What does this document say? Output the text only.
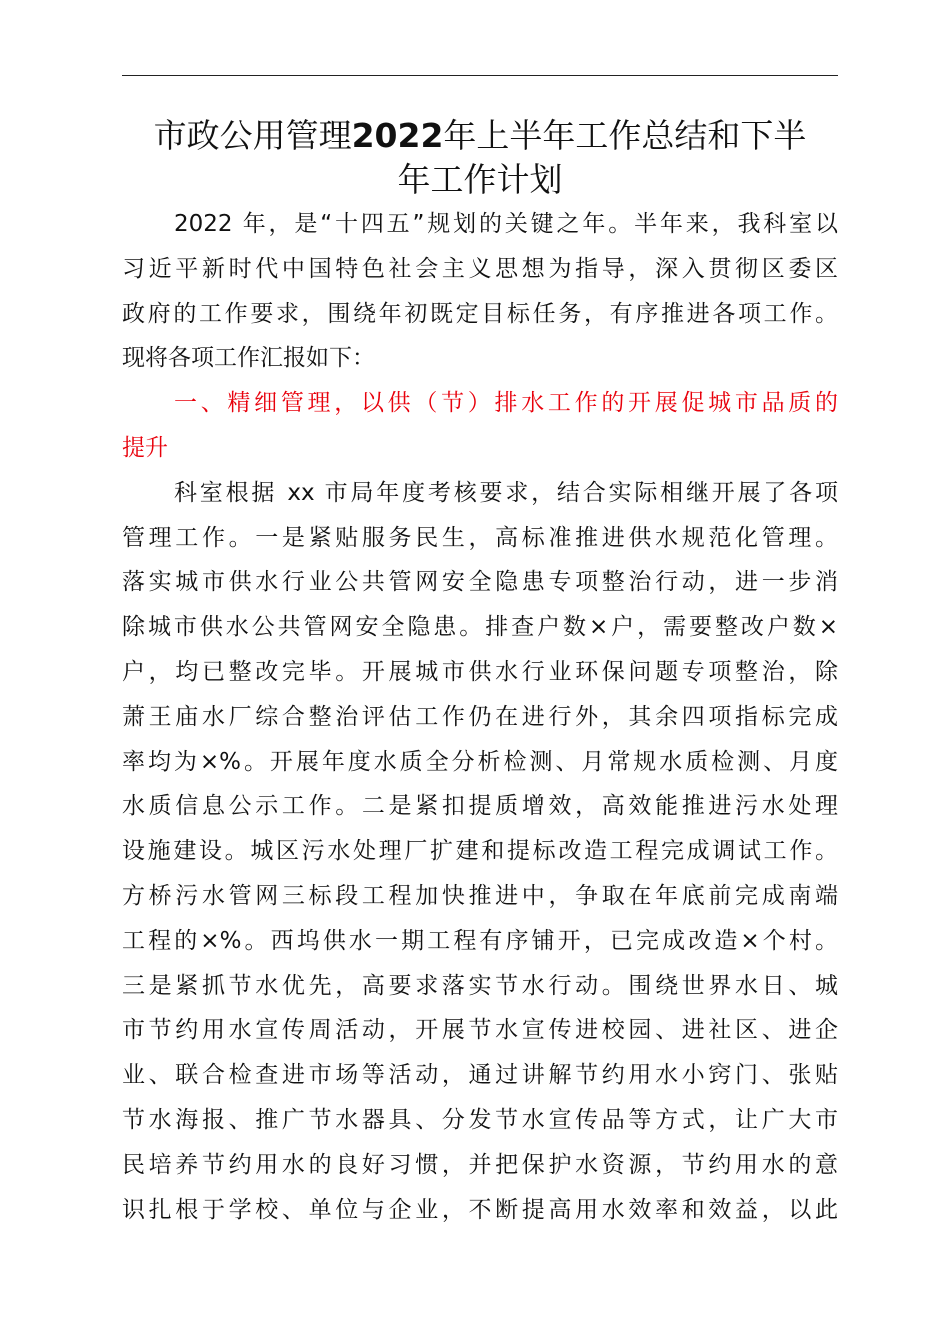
市政公用管理2022年上半年工作总结和下半
年工作计划

2022 年，是“十四五”规划的关键之年。半年来，我科室以
习近平新时代中国特色社会主义思想为指导，深入贯彻区委区
政府的工作要求，围绕年初既定目标任务，有序推进各项工作。
现将各项工作汇报如下：

一、精细管理，以供（节）排水工作的开展促城市品质的
提升

科室根据 xx 市局年度考核要求，结合实际相继开展了各项
管理工作。一是紧贴服务民生，高标准推进供水规范化管理。
落实城市供水行业公共管网安全隐患专项整治行动，进一步消
除城市供水公共管网安全隐患。排查户数×户，需要整改户数×
户，均已整改完毕。开展城市供水行业环保问题专项整治，除
萧王庙水厂综合整治评估工作仍在进行外，其余四项指标完成
率均为×%。开展年度水质全分析检测、月常规水质检测、月度
水质信息公示工作。二是紧扣提质增效，高效能推进污水处理
设施建设。城区污水处理厂扩建和提标改造工程完成调试工作。
方桥污水管网三标段工程加快推进中，争取在年底前完成南端
工程的×%。西坞供水一期工程有序铺开，已完成改造×个村。
三是紧抓节水优先，高要求落实节水行动。围绕世界水日、城
市节约用水宣传周活动，开展节水宣传进校园、进社区、进企
业、联合检查进市场等活动，通过讲解节约用水小窍门、张贴
节水海报、推广节水器具、分发节水宣传品等方式，让广大市
民培养节约用水的良好习惯，并把保护水资源，节约用水的意
识扎根于学校、单位与企业，不断提高用水效率和效益，以此
